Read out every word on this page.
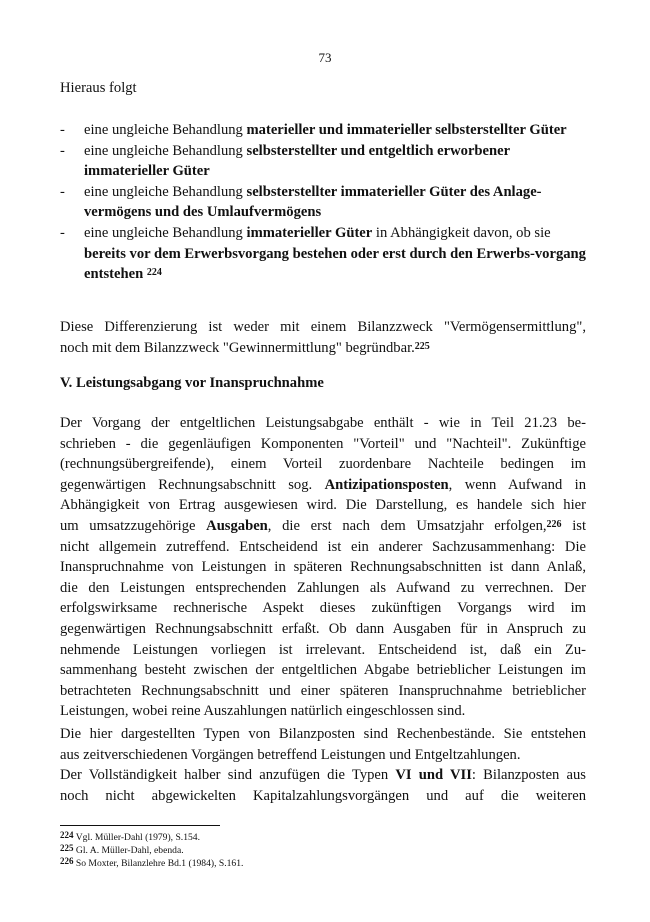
73
Hieraus folgt
- eine ungleiche Behandlung materieller und immaterieller selbsterstellter Güter
- eine ungleiche Behandlung selbsterstellter und entgeltlich erworbener immaterieller Güter
- eine ungleiche Behandlung selbsterstellter immaterieller Güter des Anlage-vermögens und des Umlaufvermögens
- eine ungleiche Behandlung immaterieller Güter in Abhängigkeit davon, ob sie bereits vor dem Erwerbsvorgang bestehen oder erst durch den Erwerbs-vorgang entstehen $^{224}$
Diese Differenzierung ist weder mit einem Bilanzzweck "Vermögensermittlung",
noch mit dem Bilanzzweck "Gewinnermittlung" begründbar.$^{225}$
V. Leistungsabgang vor Inanspruchnahme
Der Vorgang der entgeltlichen Leistungsabgabe enthält - wie in Teil 21.23 be-
schrieben - die gegenläufigen Komponenten "Vorteil" und "Nachteil". Zukünftige
(rechnungsübergreifende), einem Vorteil zuordenbare Nachteile bedingen im
gegenwärtigen Rechnungsabschnitt sog. Antizipationsposten, wenn Aufwand in
Abhängigkeit von Ertrag ausgewiesen wird. Die Darstellung, es handele sich hier
um umsatzzugehörige Ausgaben, die erst nach dem Umsatzjahr erfolgen,$^{226}$ ist
nicht allgemein zutreffend. Entscheidend ist ein anderer Sachzusammenhang: Die
Inanspruchnahme von Leistungen in späteren Rechnungsabschnitten ist dann Anlaß,
die den Leistungen entsprechenden Zahlungen als Aufwand zu verrechnen. Der
erfolgswirksame rechnerische Aspekt dieses zukünftigen Vorgangs wird im
gegenwärtigen Rechnungsabschnitt erfaßt. Ob dann Ausgaben für in Anspruch zu
nehmende Leistungen vorliegen ist irrelevant. Entscheidend ist, daß ein Zu-
sammenhang besteht zwischen der entgeltlichen Abgabe betrieblicher Leistungen im
betrachteten Rechnungsabschnitt und einer späteren Inanspruchnahme betrieblicher
Leistungen, wobei reine Auszahlungen natürlich eingeschlossen sind.
Die hier dargestellten Typen von Bilanzposten sind Rechenbestände. Sie entstehen
aus zeitverschiedenen Vorgängen betreffend Leistungen und Entgeltzahlungen.
Der Vollständigkeit halber sind anzufügen die Typen VI und VII: Bilanzposten aus
noch nicht abgewickelten Kapitalzahlungsvorgängen und auf die weiteren
224 Vgl. Müller-Dahl (1979), S.154.
225 Gl. A. Müller-Dahl, ebenda.
226 So Moxter, Bilanzlehre Bd.1 (1984), S.161.
